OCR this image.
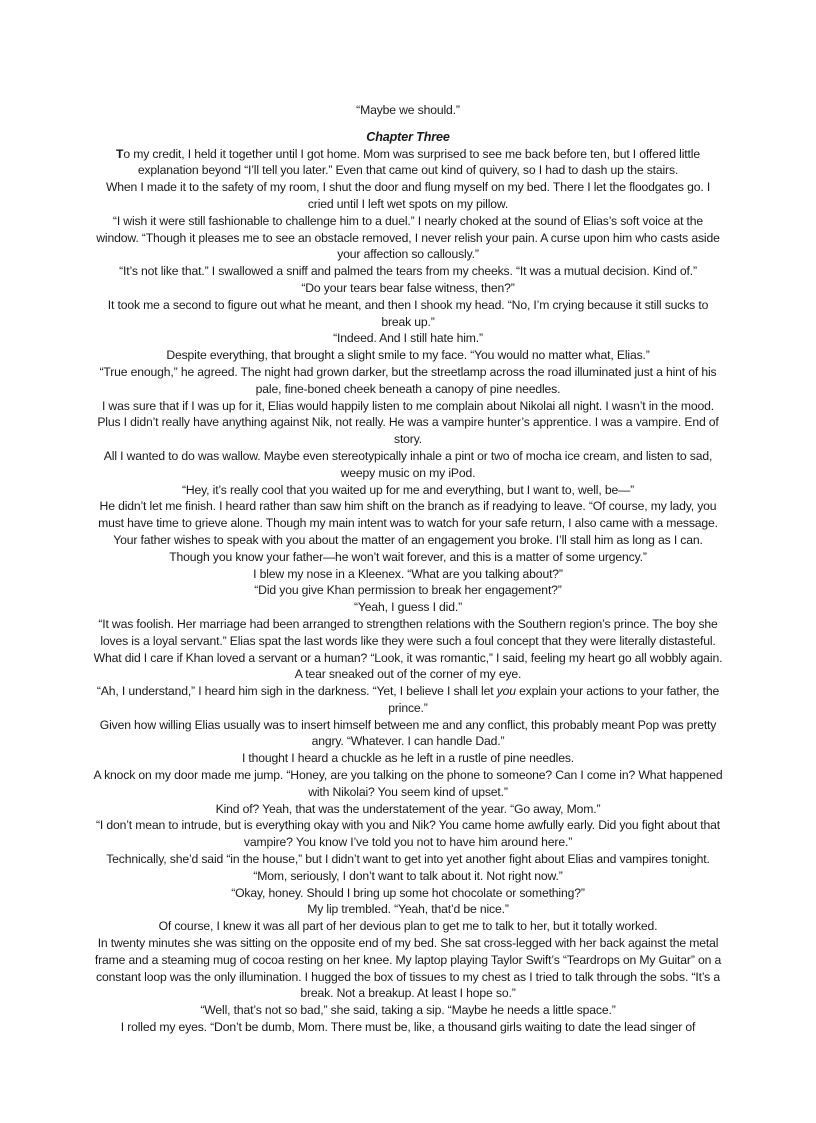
“Maybe we should.”

Chapter Three

To my credit, I held it together until I got home. Mom was surprised to see me back before ten, but I offered little explanation beyond “I’ll tell you later.” Even that came out kind of quivery, so I had to dash up the stairs.

When I made it to the safety of my room, I shut the door and flung myself on my bed. There I let the floodgates go. I cried until I left wet spots on my pillow.

“I wish it were still fashionable to challenge him to a duel.” I nearly choked at the sound of Elias’s soft voice at the window. “Though it pleases me to see an obstacle removed, I never relish your pain. A curse upon him who casts aside your affection so callously.”

“It’s not like that.” I swallowed a sniff and palmed the tears from my cheeks. “It was a mutual decision. Kind of.”

“Do your tears bear false witness, then?”

It took me a second to figure out what he meant, and then I shook my head. “No, I’m crying because it still sucks to break up.”

“Indeed. And I still hate him.”

Despite everything, that brought a slight smile to my face. “You would no matter what, Elias.”

“True enough,” he agreed. The night had grown darker, but the streetlamp across the road illuminated just a hint of his pale, fine-boned cheek beneath a canopy of pine needles.

I was sure that if I was up for it, Elias would happily listen to me complain about Nikolai all night. I wasn’t in the mood. Plus I didn’t really have anything against Nik, not really. He was a vampire hunter’s apprentice. I was a vampire. End of story.

All I wanted to do was wallow. Maybe even stereotypically inhale a pint or two of mocha ice cream, and listen to sad, weepy music on my iPod.

“Hey, it’s really cool that you waited up for me and everything, but I want to, well, be—”

He didn’t let me finish. I heard rather than saw him shift on the branch as if readying to leave. “Of course, my lady, you must have time to grieve alone. Though my main intent was to watch for your safe return, I also came with a message. Your father wishes to speak with you about the matter of an engagement you broke. I’ll stall him as long as I can. Though you know your father—he won’t wait forever, and this is a matter of some urgency.”

I blew my nose in a Kleenex. “What are you talking about?”

“Did you give Khan permission to break her engagement?”

“Yeah, I guess I did.”

“It was foolish. Her marriage had been arranged to strengthen relations with the Southern region’s prince. The boy she loves is a loyal servant.” Elias spat the last words like they were such a foul concept that they were literally distasteful.

What did I care if Khan loved a servant or a human? “Look, it was romantic,” I said, feeling my heart go all wobbly again. A tear sneaked out of the corner of my eye.

“Ah, I understand,” I heard him sigh in the darkness. “Yet, I believe I shall let you explain your actions to your father, the prince.”

Given how willing Elias usually was to insert himself between me and any conflict, this probably meant Pop was pretty angry. “Whatever. I can handle Dad.”

I thought I heard a chuckle as he left in a rustle of pine needles.

A knock on my door made me jump. “Honey, are you talking on the phone to someone? Can I come in? What happened with Nikolai? You seem kind of upset.”

Kind of? Yeah, that was the understatement of the year. “Go away, Mom.”

“I don’t mean to intrude, but is everything okay with you and Nik? You came home awfully early. Did you fight about that vampire? You know I’ve told you not to have him around here.”

Technically, she’d said “in the house,” but I didn’t want to get into yet another fight about Elias and vampires tonight. “Mom, seriously, I don’t want to talk about it. Not right now.”

“Okay, honey. Should I bring up some hot chocolate or something?”

My lip trembled. “Yeah, that’d be nice.”

Of course, I knew it was all part of her devious plan to get me to talk to her, but it totally worked.

In twenty minutes she was sitting on the opposite end of my bed. She sat cross-legged with her back against the metal frame and a steaming mug of cocoa resting on her knee. My laptop playing Taylor Swift’s “Teardrops on My Guitar” on a constant loop was the only illumination. I hugged the box of tissues to my chest as I tried to talk through the sobs. “It’s a break. Not a breakup. At least I hope so.”

“Well, that’s not so bad,” she said, taking a sip. “Maybe he needs a little space.”

I rolled my eyes. “Don’t be dumb, Mom. There must be, like, a thousand girls waiting to date the lead singer of
